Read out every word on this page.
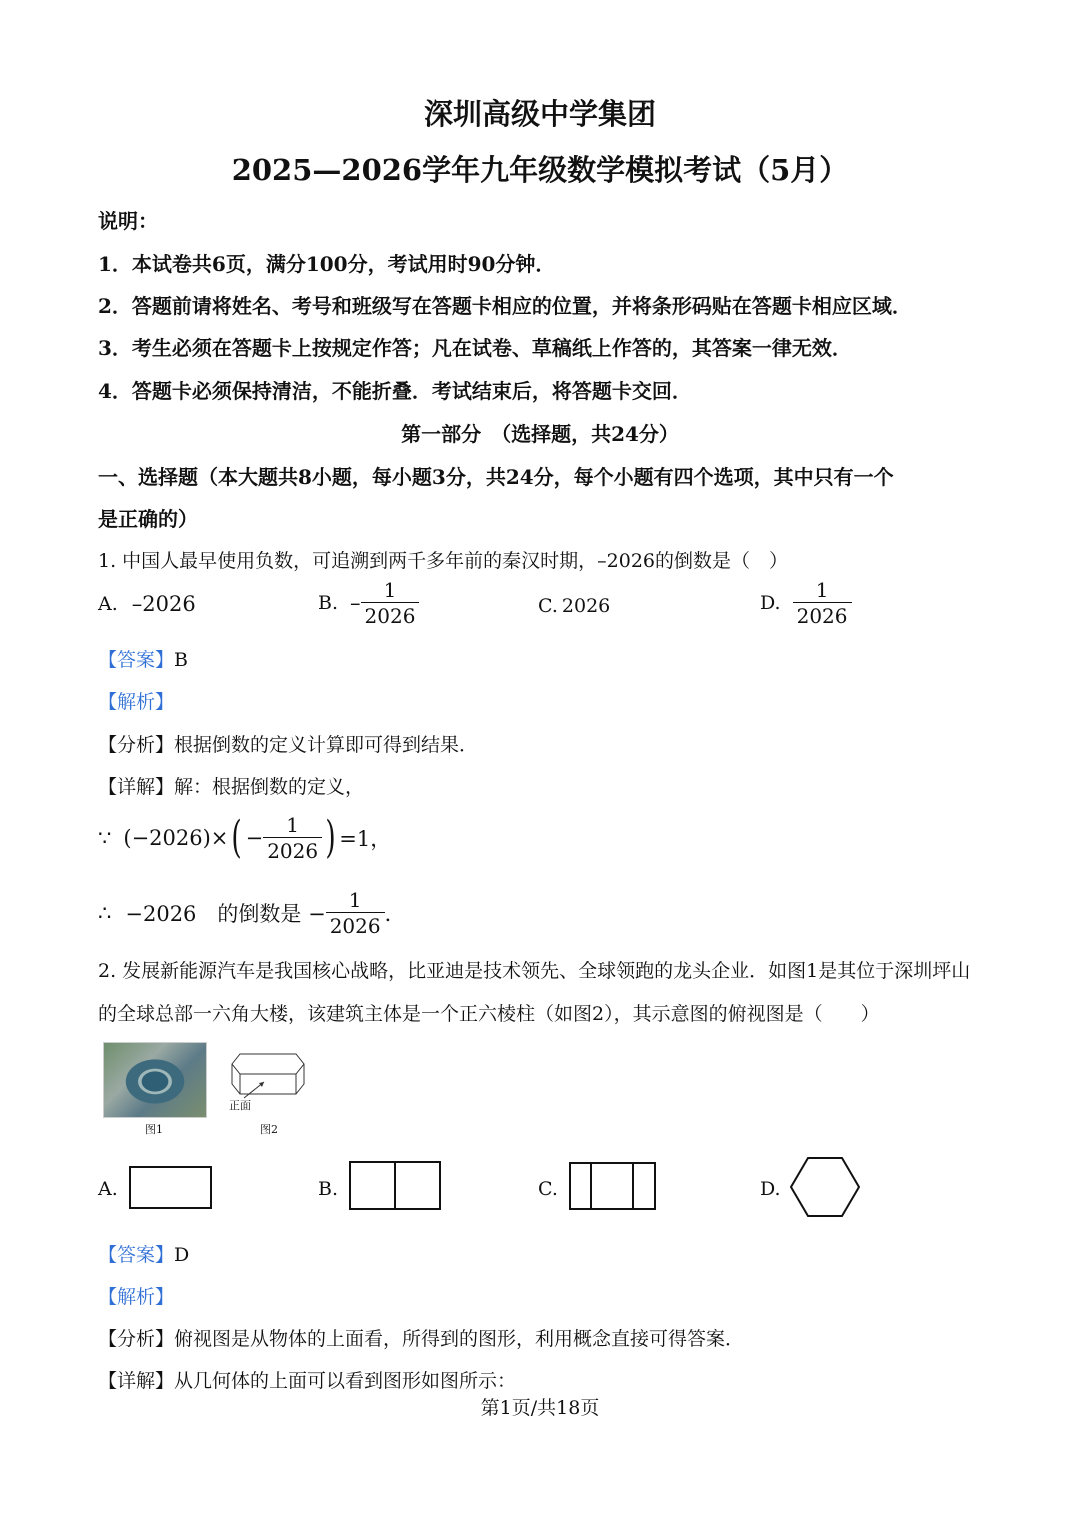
深圳高级中学集团
2025—2026学年九年级数学模拟考试（5月）
说明：
1．本试卷共6页，满分100分，考试用时90分钟．
2．答题前请将姓名、考号和班级写在答题卡相应的位置，并将条形码贴在答题卡相应区域．
3．考生必须在答题卡上按规定作答；凡在试卷、草稿纸上作答的，其答案一律无效．
4．答题卡必须保持清洁，不能折叠．考试结束后，将答题卡交回．
第一部分　（选择题，共24分）
一、选择题（本大题共8小题，每小题3分，共24分，每个小题有四个选项，其中只有一个
是正确的）
1. 中国人最早使用负数，可追溯到两千多年前的秦汉时期，–2026的倒数是（　）
A. –2026	B. – $\frac{1}{2026}$	C. 2026	D. $\frac{1}{2026}$
【答案】B
【解析】
【分析】根据倒数的定义计算即可得到结果．
【详解】解：根据倒数的定义，
∵ (−2026)× ( − $\frac{1}{2026}$ ) =1，
∴ −2026　的倒数是 − $\frac{1}{2026}$ ．
2. 发展新能源汽车是我国核心战略，比亚迪是技术领先、全球领跑的龙头企业．如图1是其位于深圳坪山
的全球总部一六角大楼，该建筑主体是一个正六棱柱（如图2），其示意图的俯视图是（　　）
图1
正面
图2
A.	B.	C.	D.
【答案】D
【解析】
【分析】俯视图是从物体的上面看，所得到的图形，利用概念直接可得答案．
【详解】从几何体的上面可以看到图形如图所示：
第1页/共18页
